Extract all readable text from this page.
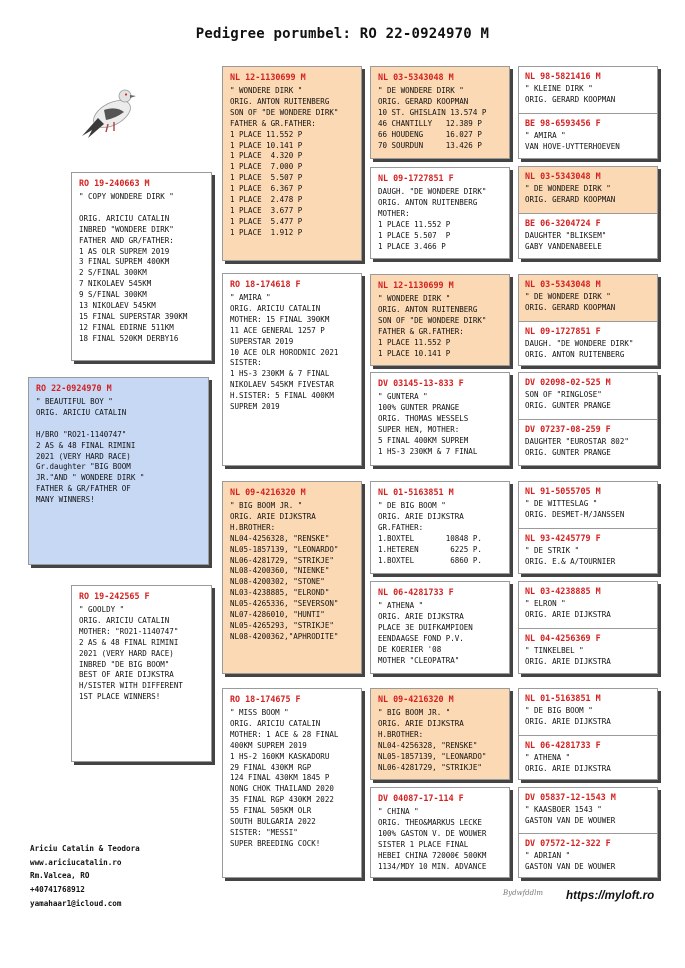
Pedigree porumbel: RO 22-0924970 M
RO 22-0924970 M
" BEAUTIFUL BOY "
ORIG. ARICIU CATALIN

H/BRO "RO21-1140747"
2 AS & 48 FINAL RIMINI
2021 (VERY HARD RACE)
Gr.daughter "BIG BOOM
JR."AND " WONDERE DIRK "
FATHER & GR/FATHER OF
MANY WINNERS!
RO 19-240663 M
" COPY WONDERE DIRK "

ORIG. ARICIU CATALIN
INBRED "WONDERE DIRK"
FATHER AND GR/FATHER:
1 AS OLR SUPREM 2019
3 FINAL SUPREM 400KM
2 S/FINAL 300KM
7 NIKOLAEV 545KM
9 S/FINAL 300KM
13 NIKOLAEV 545KM
15 FINAL SUPERSTAR 390KM
12 FINAL EDIRNE 511KM
18 FINAL 520KM DERBY16
RO 19-242565 F
" GOOLDY "
ORIG. ARICIU CATALIN
MOTHER: "RO21-1140747"
2 AS & 48 FINAL RIMINI
2021 (VERY HARD RACE)
INBRED "DE BIG BOOM"
BEST OF ARIE DIJKSTRA
H/SISTER WITH DIFFERENT
1ST PLACE WINNERS!
NL 12-1130699 M
" WONDERE DIRK "
ORIG. ANTON RUITENBERG
SON OF "DE WONDERE DIRK"
FATHER & GR.FATHER:
1 PLACE 11.552 P
1 PLACE 10.141 P
1 PLACE  4.320 P
1 PLACE  7.000 P
1 PLACE  5.507 P
1 PLACE  6.367 P
1 PLACE  2.478 P
1 PLACE  3.677 P
1 PLACE  5.477 P
1 PLACE  1.912 P
RO 18-174618 F
" AMIRA "
ORIG. ARICIU CATALIN
MOTHER: 15 FINAL 390KM
11 ACE GENERAL 1257 P
SUPERSTAR 2019
10 ACE OLR HORODNIC 2021
SISTER:
1 HS-3 230KM & 7 FINAL
NIKOLAEV 545KM FIVESTAR
H.SISTER: 5 FINAL 400KM
SUPREM 2019
NL 09-4216320 M
" BIG BOOM JR. "
ORIG. ARIE DIJKSTRA
H.BROTHER:
NL04-4256328, "RENSKE"
NL05-1857139, "LEONARDO"
NL06-4281729, "STRIKJE"
NL08-4200360, "NIENKE"
NL08-4200302, "STONE"
NL03-4238885, "ELROND"
NL05-4265336, "SEVERSON"
NL07-4286010, "HUNTI"
NL05-4265293, "STRIKJE"
NL08-4200362,"APHRODITE"
RO 18-174675 F
" MISS BOOM "
ORIG. ARICIU CATALIN
MOTHER: 1 ACE & 28 FINAL
400KM SUPREM 2019
1 HS-2 160KM KASKADORU
29 FINAL 430KM RGP
124 FINAL 430KM 1845 P
NONG CHOK THAILAND 2020
35 FINAL RGP 430KM 2022
55 FINAL 505KM OLR
SOUTH BULGARIA 2022
SISTER: "MESSI"
SUPER BREEDING COCK!
NL 03-5343048 M
" DE WONDERE DIRK "
ORIG. GERARD KOOPMAN
10 ST. GHISLAIN 13.574 P
46 CHANTILLY   12.389 P
66 HOUDENG     16.027 P
70 SOURDUN     13.426 P
NL 09-1727851 F
DAUGH. "DE WONDERE DIRK"
ORIG. ANTON RUITENBERG
MOTHER:
1 PLACE 11.552 P
1 PLACE 5.507  P
1 PLACE 3.466 P
NL 12-1130699 M
" WONDERE DIRK "
ORIG. ANTON RUITENBERG
SON OF "DE WONDERE DIRK"
FATHER & GR.FATHER:
1 PLACE 11.552 P
1 PLACE 10.141 P
DV 03145-13-833 F
" GUNTERA "
100% GUNTER PRANGE
ORIG. THOMAS WESSELS
SUPER HEN, MOTHER:
5 FINAL 400KM SUPREM
1 HS-3 230KM & 7 FINAL
NL 01-5163851 M
" DE BIG BOOM "
ORIG. ARIE DIJKSTRA
GR.FATHER:
1.BOXTEL       10848 P.
1.HETEREN       6225 P.
1.BOXTEL        6860 P.
NL 06-4281733 F
" ATHENA "
ORIG. ARIE DIJKSTRA
PLACE 3E DUIFKAMPIOEN
EENDAAGSE FOND P.V.
DE KOERIER '08
MOTHER "CLEOPATRA"
NL 09-4216320 M
" BIG BOOM JR. "
ORIG. ARIE DIJKSTRA
H.BROTHER:
NL04-4256328, "RENSKE"
NL05-1857139, "LEONARDO"
NL06-4281729, "STRIKJE"
DV 04087-17-114 F
" CHINA "
ORIG. THEO&MARKUS LECKE
100% GASTON V. DE WOUWER
SISTER 1 PLACE FINAL
HEBEI CHINA 72000€ 500KM
1134/MDY 10 MIN. ADVANCE
NL 98-5821416 M
" KLEINE DIRK "
ORIG. GERARD KOOPMAN
BE 98-6593456 F
" AMIRA "
VAN HOVE-UYTTERHOEVEN
NL 03-5343048 M
" DE WONDERE DIRK "
ORIG. GERARD KOOPMAN
BE 06-3204724 F
DAUGHTER "BLIKSEM"
GABY VANDENABEELE
NL 03-5343048 M
" DE WONDERE DIRK "
ORIG. GERARD KOOPMAN
NL 09-1727851 F
DAUGH. "DE WONDERE DIRK"
ORIG. ANTON RUITENBERG
DV 02098-02-525 M
SON OF "RINGLOSE"
ORIG. GUNTER PRANGE
DV 07237-08-259 F
DAUGHTER "EUROSTAR 802"
ORIG. GUNTER PRANGE
NL 91-5055705 M
" DE WITTESLAG "
ORIG. DESMET-M/JANSSEN
NL 93-4245779 F
" DE STRIK "
ORIG. E.& A/TOURNIER
NL 03-4238885 M
" ELRON "
ORIG. ARIE DIJKSTRA
NL 04-4256369 F
" TINKELBEL "
ORIG. ARIE DIJKSTRA
NL 01-5163851 M
" DE BIG BOOM "
ORIG. ARIE DIJKSTRA
NL 06-4281733 F
" ATHENA "
ORIG. ARIE DIJKSTRA
DV 05837-12-1543 M
" KAASBOER 1543 "
GASTON VAN DE WOUWER
DV 07572-12-322 F
" ADRIAN "
GASTON VAN DE WOUWER
Ariciu Catalin & Teodora
www.ariciucatalin.ro
Rm.Valcea, RO
+40741768912
yamahaar1@icloud.com
Bydwfddlm https://myloft.ro
